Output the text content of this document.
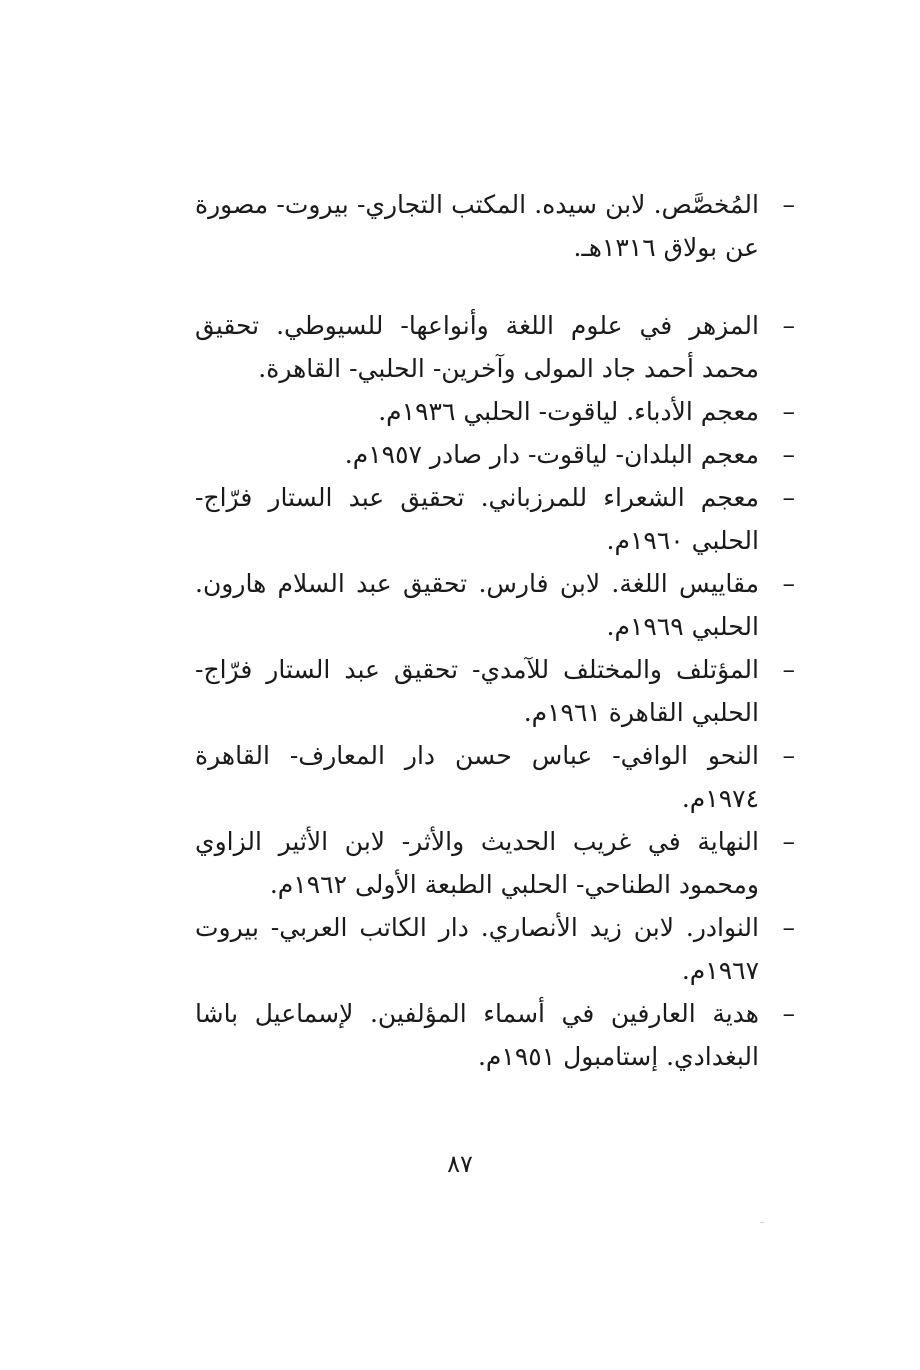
–
المُخصَّص. لابن سيده. المكتب التجاري- بيروت- مصورة عن بولاق ١٣١٦هـ.

–
المزهر في علوم اللغة وأنواعها- للسيوطي. تحقيق محمد أحمد جاد المولى وآخرين- الحلبي- القاهرة.

–
معجم الأدباء. لياقوت- الحلبي ١٩٣٦م.

–
معجم البلدان- لياقوت- دار صادر ١٩٥٧م.

–
معجم الشعراء للمرزباني. تحقيق عبد الستار فرّاج- الحلبي ١٩٦٠م.

–
مقاييس اللغة. لابن فارس. تحقيق عبد السلام هارون. الحلبي ١٩٦٩م.

–
المؤتلف والمختلف للآمدي- تحقيق عبد الستار فرّاج- الحلبي القاهرة ١٩٦١م.

–
النحو الوافي- عباس حسن دار المعارف- القاهرة ١٩٧٤م.

–
النهاية في غريب الحديث والأثر- لابن الأثير الزاوي ومحمود الطناحي- الحلبي الطبعة الأولى ١٩٦٢م.

–
النوادر. لابن زيد الأنصاري. دار الكاتب العربي- بيروت ١٩٦٧م.

–
هدية العارفين في أسماء المؤلفين. لإسماعيل باشا البغدادي. إستامبول ١٩٥١م.

٨٧
